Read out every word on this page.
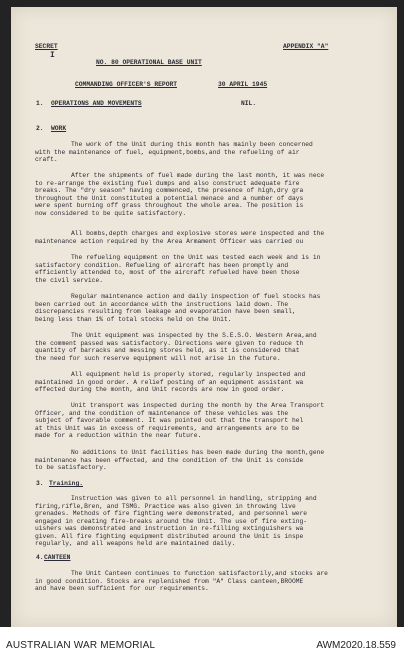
SECRET	APPENDIX "A"
I
NO. 80 OPERATIONAL BASE UNIT
COMMANDING OFFICER'S REPORT	30 APRIL 1945
1. OPERATIONS AND MOVEMENTS	NIL.
2. WORK
The work of the Unit during this month has mainly been concerned
with the maintenance of fuel, equipment,bombs,and the refueling of air
craft.
After the shipments of fuel made during the last month, it was nece
to re-arrange the existing fuel dumps and also construct adequate fire
breaks. The "dry season" having commenced, the presence of high,dry gra
throughout the Unit constituted a potential menace and a number of days
were spent burning off grass throughout the whole area. The position is
now considered to be quite satisfactory.
All bombs,depth charges and explosive stores were inspected and the
maintenance action required by the Area Armament Officer was carried ou
The refueling equipment on the Unit was tested each week and is in
satisfactory condition. Refueling of aircraft has been promptly and
efficiently attended to, most of the aircraft refueled have been those
the civil service.
Regular maintenance action and daily inspection of fuel stocks has
been carried out in accordance with the instructions laid down. The
discrepancies resulting from leakage and evaporation have been small,
being less than 1% of total stocks held on the Unit.
The Unit equipment was inspected by the S.E.S.O. Western Area,and
the comment passed was satisfactory. Directions were given to reduce th
quantity of barracks and messing stores held, as it is considered that
the need for such reserve equipment will not arise in the future.
All equipment held is properly stored, regularly inspected and
maintained in good order. A relief posting of an equipment assistant wa
effected during the month, and Unit records are now in good order.
Unit transport was inspected during the month by the Area Transport
Officer, and the condition of maintenance of these vehicles was the
subject of favorable comment. It was pointed out that the transport hel
at this Unit was in excess of requirements, and arrangements are to be
made for a reduction within the near future.
No additions to Unit facilities has been made during the month,gene
maintenance has been effected, and the condition of the Unit is conside
to be satisfactory.
3. Training.
Instruction was given to all personnel in handling, stripping and
firing,rifle,Bren, and TSMG. Practice was also given in throwing live
grenades. Methods of fire fighting were demonstrated, and personnel were
engaged in creating fire-breaks around the Unit. The use of fire exting-
uishers was demonstrated and instruction in re-filling extinguishers wa
given. All fire fighting equipment distributed around the Unit is inspe
regularly, and all weapons held are maintained daily.
4. CANTEEN
The Unit Canteen continues to function satisfactorily,and stocks are
in good condition. Stocks are replenished from "A" Class canteen,BROOME
and have been sufficient for our requirements.
AUSTRALIAN WAR MEMORIAL	AWM2020.18.559
